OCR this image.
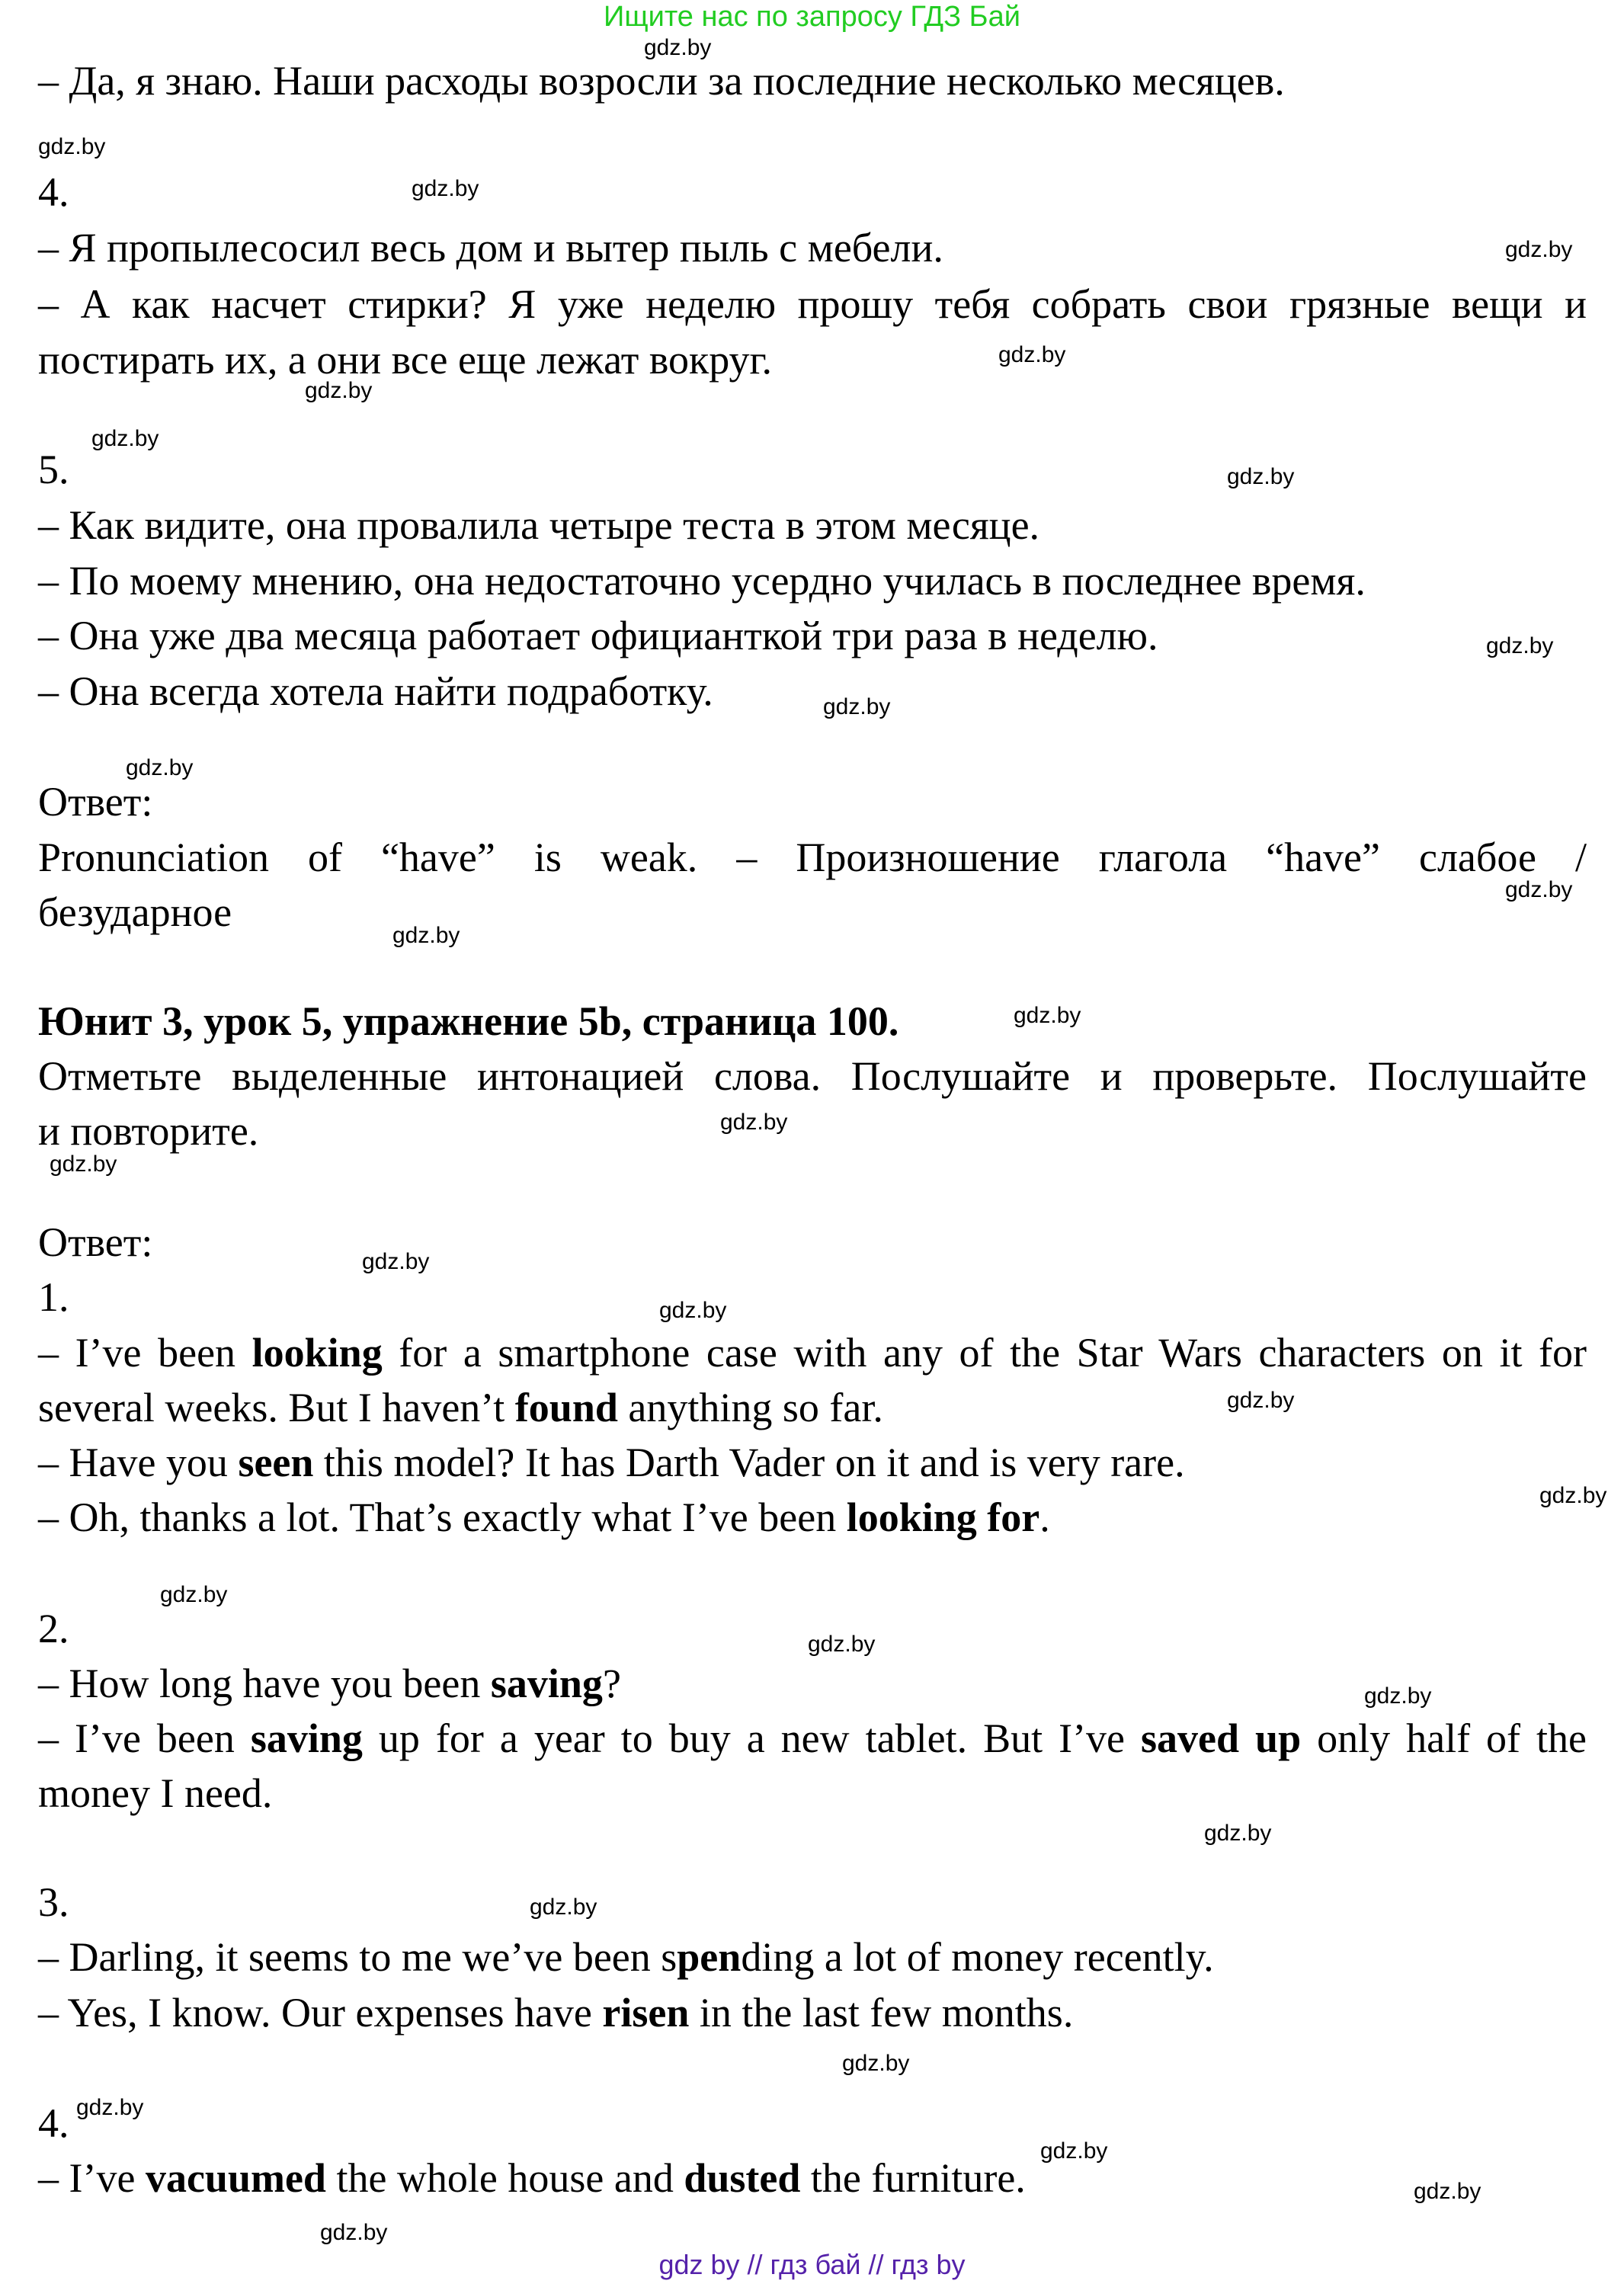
Ищите нас по запросу ГДЗ Бай
– Да, я знаю. Наши расходы возросли за последние несколько месяцев.
4.
– Я пропылесосил весь дом и вытер пыль с мебели.
– А как насчет стирки? Я уже неделю прошу тебя собрать свои грязные вещи и
постирать их, а они все еще лежат вокруг.
5.
– Как видите, она провалила четыре теста в этом месяце.
– По моему мнению, она недостаточно усердно училась в последнее время.
– Она уже два месяца работает официанткой три раза в неделю.
– Она всегда хотела найти подработку.
Ответ:
Pronunciation of “have” is weak. – Произношение глагола “have” слабое /
безударное
Юнит 3, урок 5, упражнение 5b, страница 100.
Отметьте выделенные интонацией слова. Послушайте и проверьте. Послушайте
и повторите.
Ответ:
1.
– I’ve been looking for a smartphone case with any of the Star Wars characters on it for
several weeks. But I haven’t found anything so far.
– Have you seen this model? It has Darth Vader on it and is very rare.
– Oh, thanks a lot. That’s exactly what I’ve been looking for.
2.
– How long have you been saving?
– I’ve been saving up for a year to buy a new tablet. But I’ve saved up only half of the
money I need.
3.
– Darling, it seems to me we’ve been spending a lot of money recently.
– Yes, I know. Our expenses have risen in the last few months.
4.
– I’ve vacuumed the whole house and dusted the furniture.
gdz.by
gdz.by
gdz.by
gdz.by
gdz.by
gdz.by
gdz.by
gdz.by
gdz.by
gdz.by
gdz.by
gdz.by
gdz.by
gdz.by
gdz.by
gdz.by
gdz.by
gdz.by
gdz.by
gdz.by
gdz.by
gdz.by
gdz.by
gdz.by
gdz.by
gdz.by
gdz.by
gdz.by
gdz.by
gdz.by
gdz by // гдз бай // гдз by
